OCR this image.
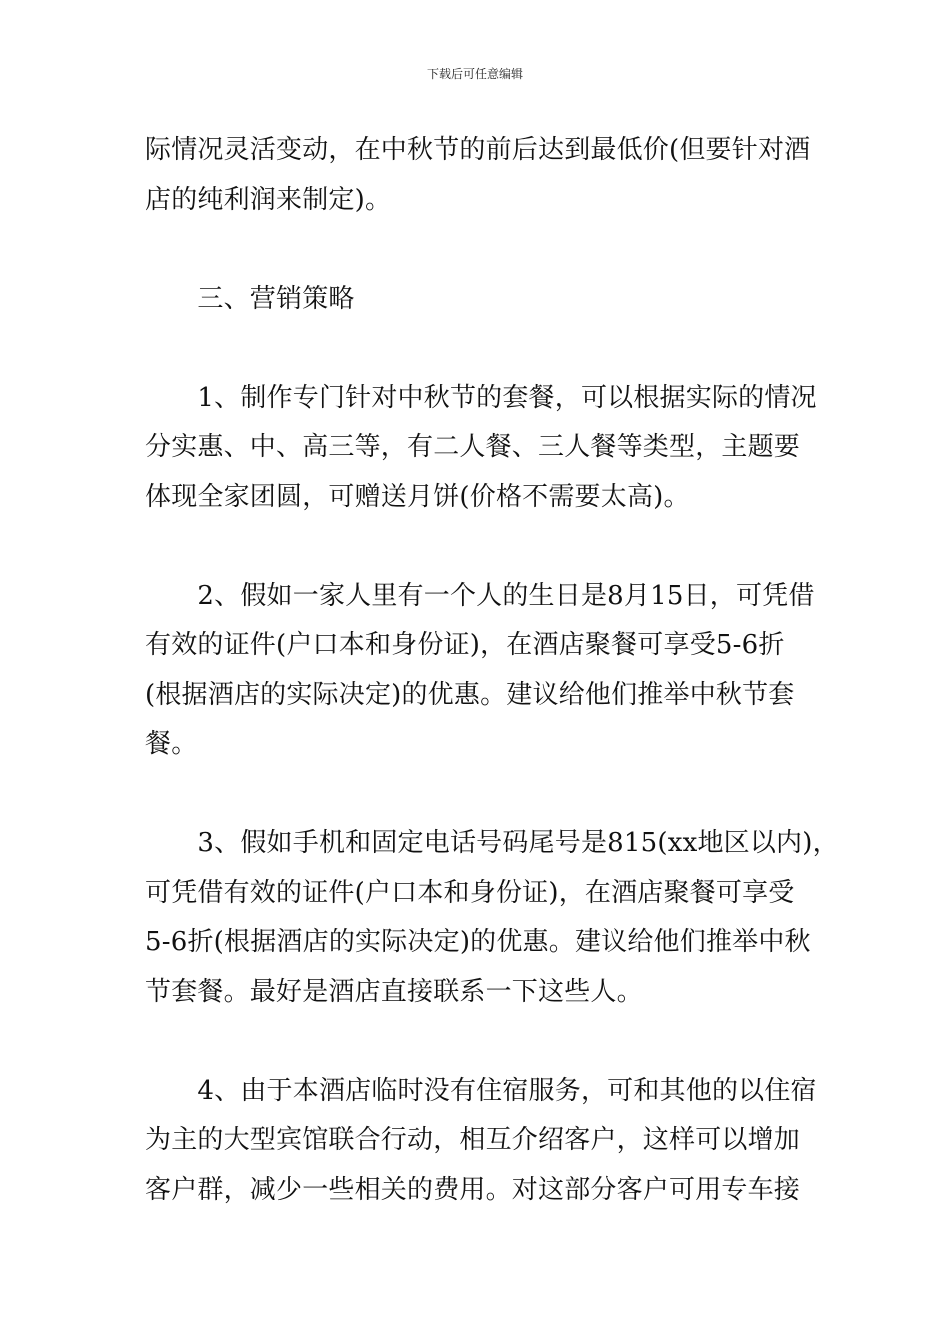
下载后可任意编辑

际情况灵活变动，在中秋节的前后达到最低价(但要针对酒
店的纯利润来制定)。

　　三、营销策略

　　1、制作专门针对中秋节的套餐，可以根据实际的情况
分实惠、中、高三等，有二人餐、三人餐等类型，主题要
体现全家团圆，可赠送月饼(价格不需要太高)。

　　2、假如一家人里有一个人的生日是8月15日，可凭借
有效的证件(户口本和身份证)，在酒店聚餐可享受5-6折
(根据酒店的实际决定)的优惠。建议给他们推举中秋节套
餐。

　　3、假如手机和固定电话号码尾号是815(xx地区以内)，
可凭借有效的证件(户口本和身份证)，在酒店聚餐可享受
5-6折(根据酒店的实际决定)的优惠。建议给他们推举中秋
节套餐。最好是酒店直接联系一下这些人。

　　4、由于本酒店临时没有住宿服务，可和其他的以住宿
为主的大型宾馆联合行动，相互介绍客户，这样可以增加
客户群，减少一些相关的费用。对这部分客户可用专车接
